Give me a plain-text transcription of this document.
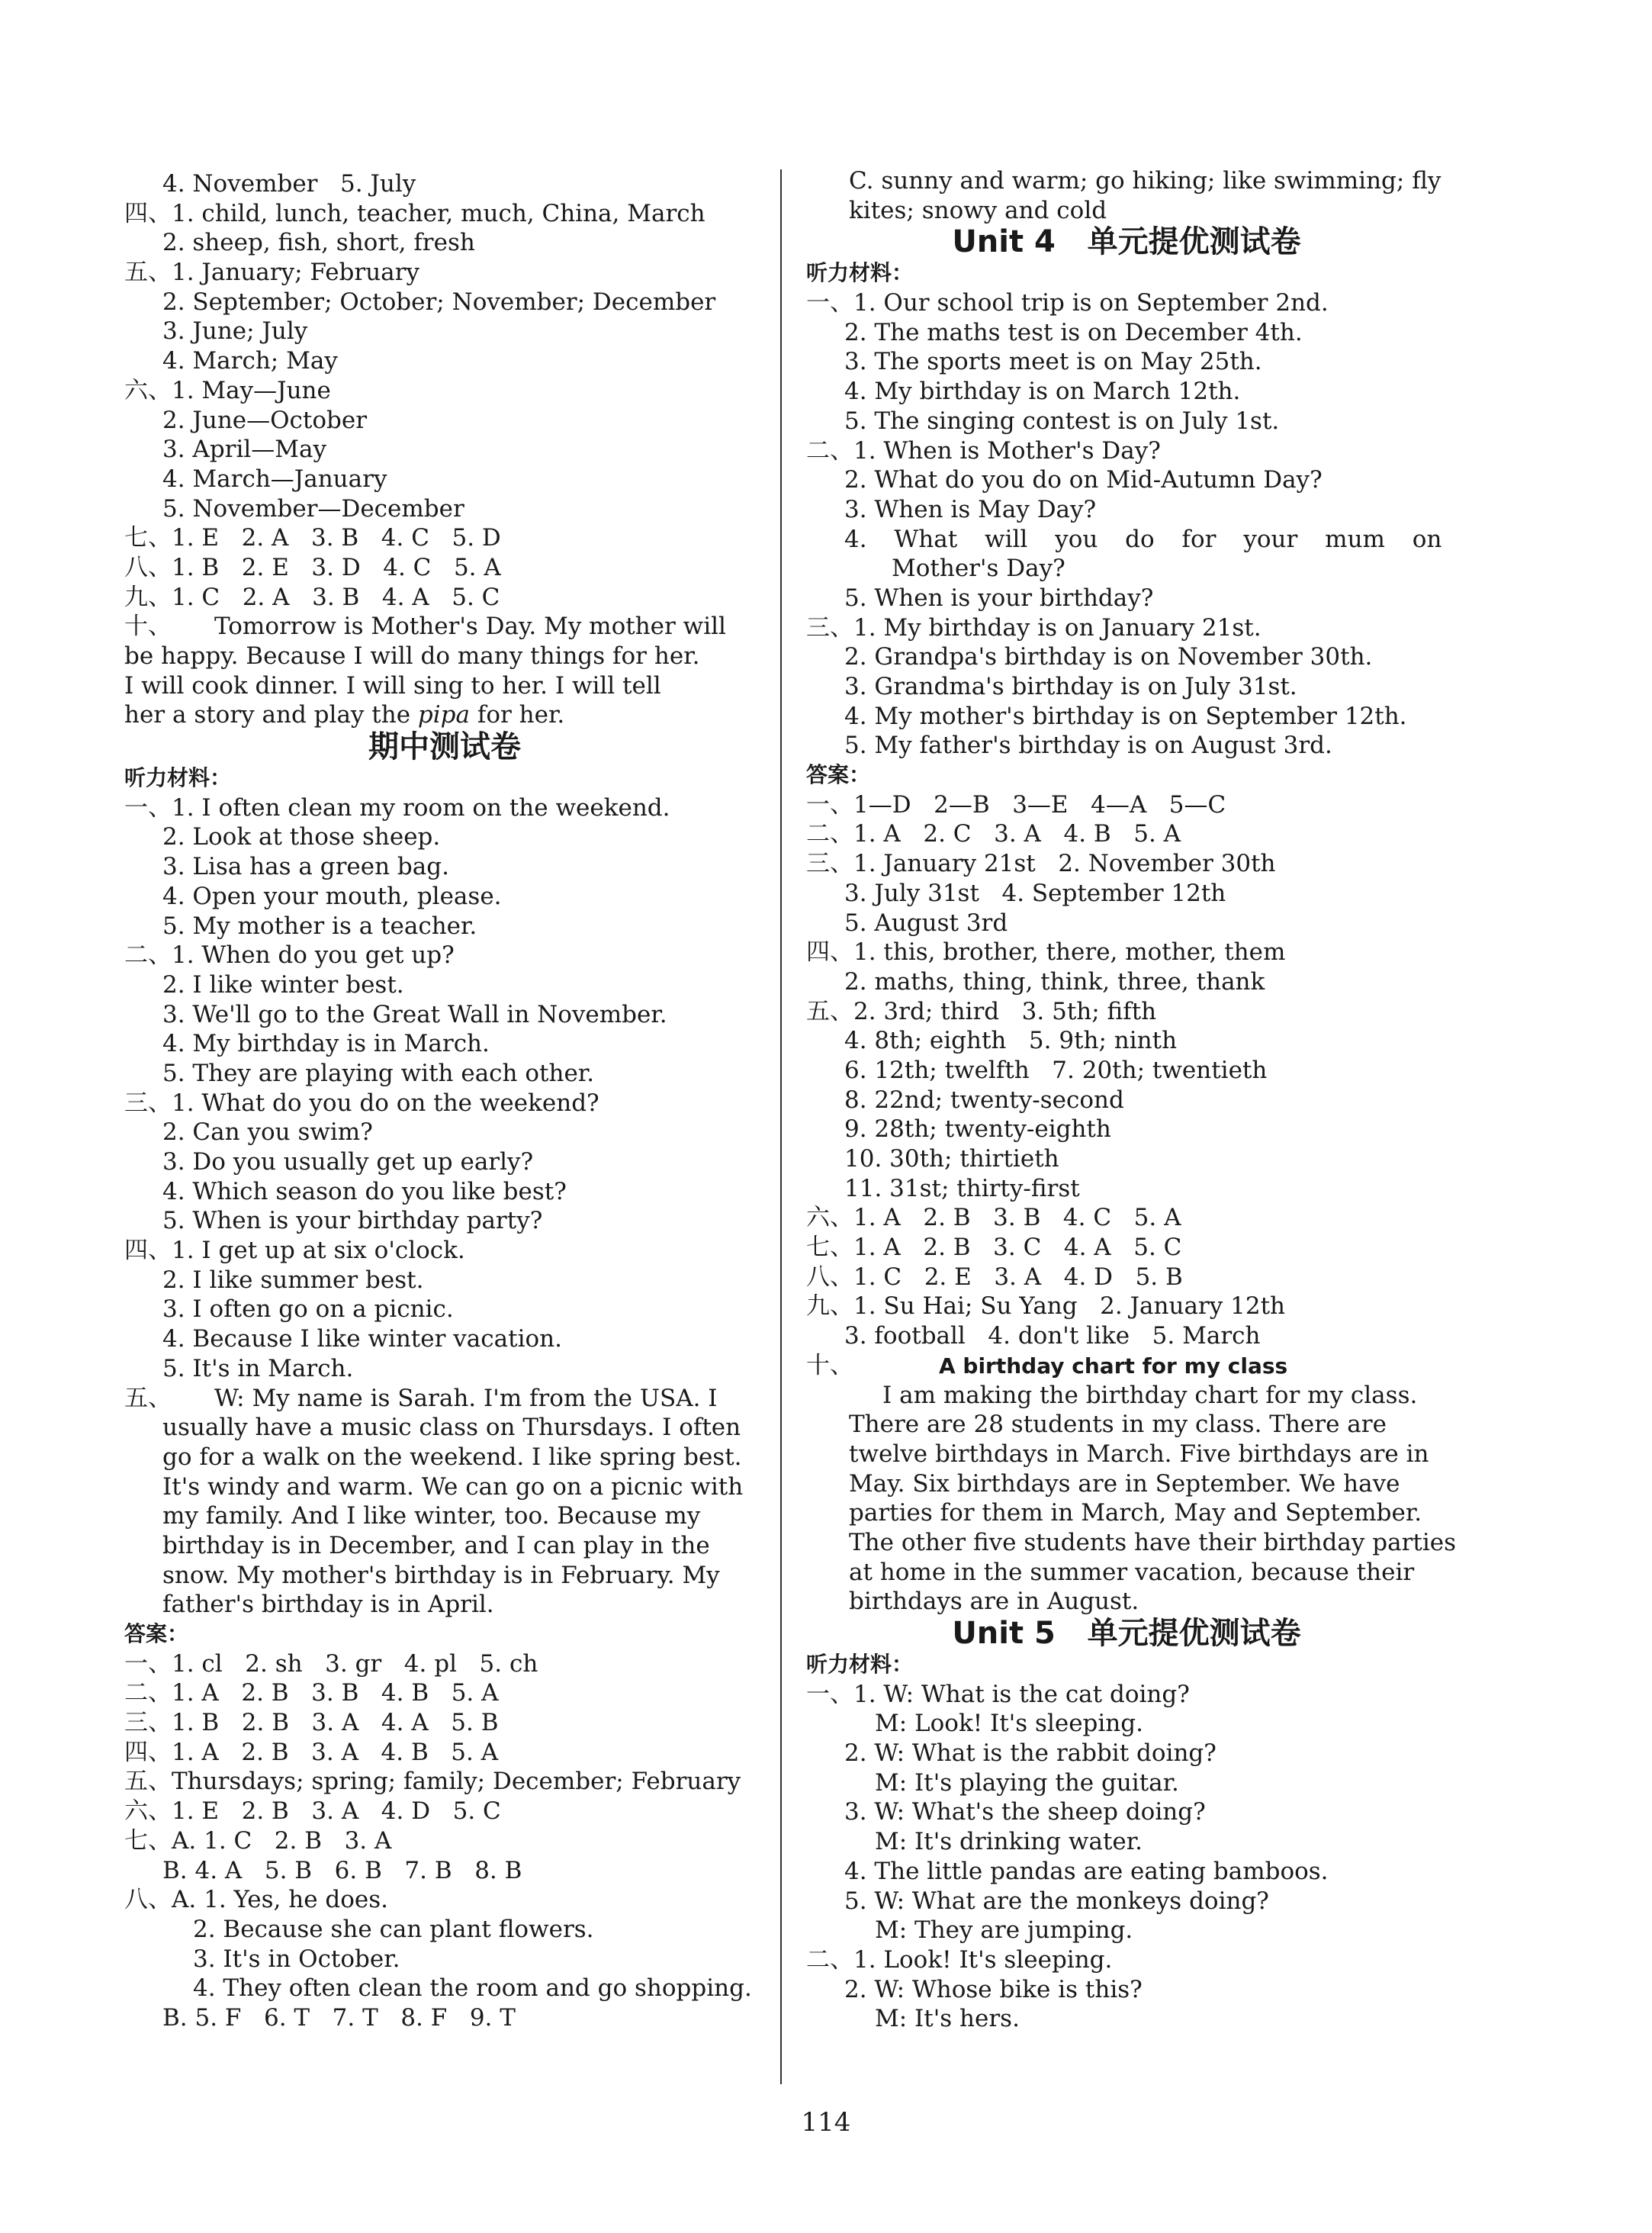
4. November   5. July
四、1. child, lunch, teacher, much, China, March
2. sheep, fish, short, fresh
五、1. January; February
2. September; October; November; December
3. June; July
4. March; May
六、1. May—June
2. June—October
3. April—May
4. March—January
5. November—December
七、1. E   2. A   3. B   4. C   5. D
八、1. B   2. E   3. D   4. C   5. A
九、1. C   2. A   3. B   4. A   5. C
十、 Tomorrow is Mother's Day. My mother will
be happy. Because I will do many things for her.
I will cook dinner. I will sing to her. I will tell
her a story and play the pipa for her.
期中测试卷
听力材料：
一、1. I often clean my room on the weekend.
2. Look at those sheep.
3. Lisa has a green bag.
4. Open your mouth, please.
5. My mother is a teacher.
二、1. When do you get up?
2. I like winter best.
3. We'll go to the Great Wall in November.
4. My birthday is in March.
5. They are playing with each other.
三、1. What do you do on the weekend?
2. Can you swim?
3. Do you usually get up early?
4. Which season do you like best?
5. When is your birthday party?
四、1. I get up at six o'clock.
2. I like summer best.
3. I often go on a picnic.
4. Because I like winter vacation.
5. It's in March.
五、 W: My name is Sarah. I'm from the USA. I
usually have a music class on Thursdays. I often
go for a walk on the weekend. I like spring best.
It's windy and warm. We can go on a picnic with
my family. And I like winter, too. Because my
birthday is in December, and I can play in the
snow. My mother's birthday is in February. My
father's birthday is in April.
答案：
一、1. cl   2. sh   3. gr   4. pl   5. ch
二、1. A   2. B   3. B   4. B   5. A
三、1. B   2. B   3. A   4. A   5. B
四、1. A   2. B   3. A   4. B   5. A
五、Thursdays; spring; family; December; February
六、1. E   2. B   3. A   4. D   5. C
七、A. 1. C   2. B   3. A
B. 4. A   5. B   6. B   7. B   8. B
八、A. 1. Yes, he does.
2. Because she can plant flowers.
3. It's in October.
4. They often clean the room and go shopping.
B. 5. F   6. T   7. T   8. F   9. T
C. sunny and warm; go hiking; like swimming; fly
kites; snowy and cold
Unit 4   单元提优测试卷
听力材料：
一、1. Our school trip is on September 2nd.
2. The maths test is on December 4th.
3. The sports meet is on May 25th.
4. My birthday is on March 12th.
5. The singing contest is on July 1st.
二、1. When is Mother's Day?
2. What do you do on Mid-Autumn Day?
3. When is May Day?
4. What will you do for your mum on
Mother's Day?
5. When is your birthday?
三、1. My birthday is on January 21st.
2. Grandpa's birthday is on November 30th.
3. Grandma's birthday is on July 31st.
4. My mother's birthday is on September 12th.
5. My father's birthday is on August 3rd.
答案：
一、1—D   2—B   3—E   4—A   5—C
二、1. A   2. C   3. A   4. B   5. A
三、1. January 21st   2. November 30th
3. July 31st   4. September 12th
5. August 3rd
四、1. this, brother, there, mother, them
2. maths, thing, think, three, thank
五、2. 3rd; third   3. 5th; fifth
4. 8th; eighth   5. 9th; ninth
6. 12th; twelfth   7. 20th; twentieth
8. 22nd; twenty-second
9. 28th; twenty-eighth
10. 30th; thirtieth
11. 31st; thirty-first
六、1. A   2. B   3. B   4. C   5. A
七、1. A   2. B   3. C   4. A   5. C
八、1. C   2. E   3. A   4. D   5. B
九、1. Su Hai; Su Yang   2. January 12th
3. football   4. don't like   5. March
十、	A birthday chart for my class
I am making the birthday chart for my class.
There are 28 students in my class. There are
twelve birthdays in March. Five birthdays are in
May. Six birthdays are in September. We have
parties for them in March, May and September.
The other five students have their birthday parties
at home in the summer vacation, because their
birthdays are in August.
Unit 5   单元提优测试卷
听力材料：
一、1. W: What is the cat doing?
M: Look! It's sleeping.
2. W: What is the rabbit doing?
M: It's playing the guitar.
3. W: What's the sheep doing?
M: It's drinking water.
4. The little pandas are eating bamboos.
5. W: What are the monkeys doing?
M: They are jumping.
二、1. Look! It's sleeping.
2. W: Whose bike is this?
M: It's hers.
114
